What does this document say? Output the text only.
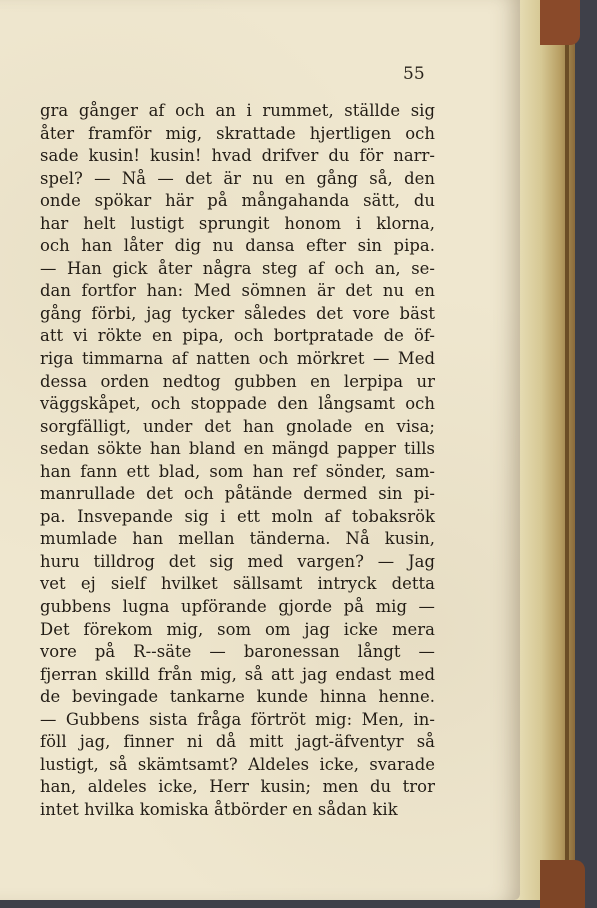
55
gra gånger af och an i rummet, ställde sig
åter framför mig, skrattade hjertligen och
sade kusin! kusin! hvad drifver du för narr-
spel? — Nå — det är nu en gång så, den
onde spökar här på mångahanda sätt, du
har helt lustigt sprungit honom i klorna,
och han låter dig nu dansa efter sin pipa.
— Han gick åter några steg af och an, se-
dan fortfor han: Med sömnen är det nu en
gång förbi, jag tycker således det vore bäst
att vi rökte en pipa, och bortpratade de öf-
riga timmarna af natten och mörkret — Med
dessa orden nedtog gubben en lerpipa ur
väggskåpet, och stoppade den långsamt och
sorgfälligt, under det han gnolade en visa;
sedan sökte han bland en mängd papper tills
han fann ett blad, som han ref sönder, sam-
manrullade det och påtände dermed sin pi-
pa. Insvepande sig i ett moln af tobaksrök
mumlade han mellan tänderna. Nå kusin,
huru tilldrog det sig med vargen? — Jag
vet ej sielf hvilket sällsamt intryck detta
gubbens lugna upförande gjorde på mig —
Det förekom mig, som om jag icke mera
vore på R--säte — baronessan långt —
fjerran skilld från mig, så att jag endast med
de bevingade tankarne kunde hinna henne.
— Gubbens sista fråga förtröt mig: Men, in-
föll jag, finner ni då mitt jagt-äfventyr så
lustigt, så skämtsamt? Aldeles icke, svarade
han, aldeles icke, Herr kusin; men du tror
intet hvilka komiska åtbörder en sådan kik
